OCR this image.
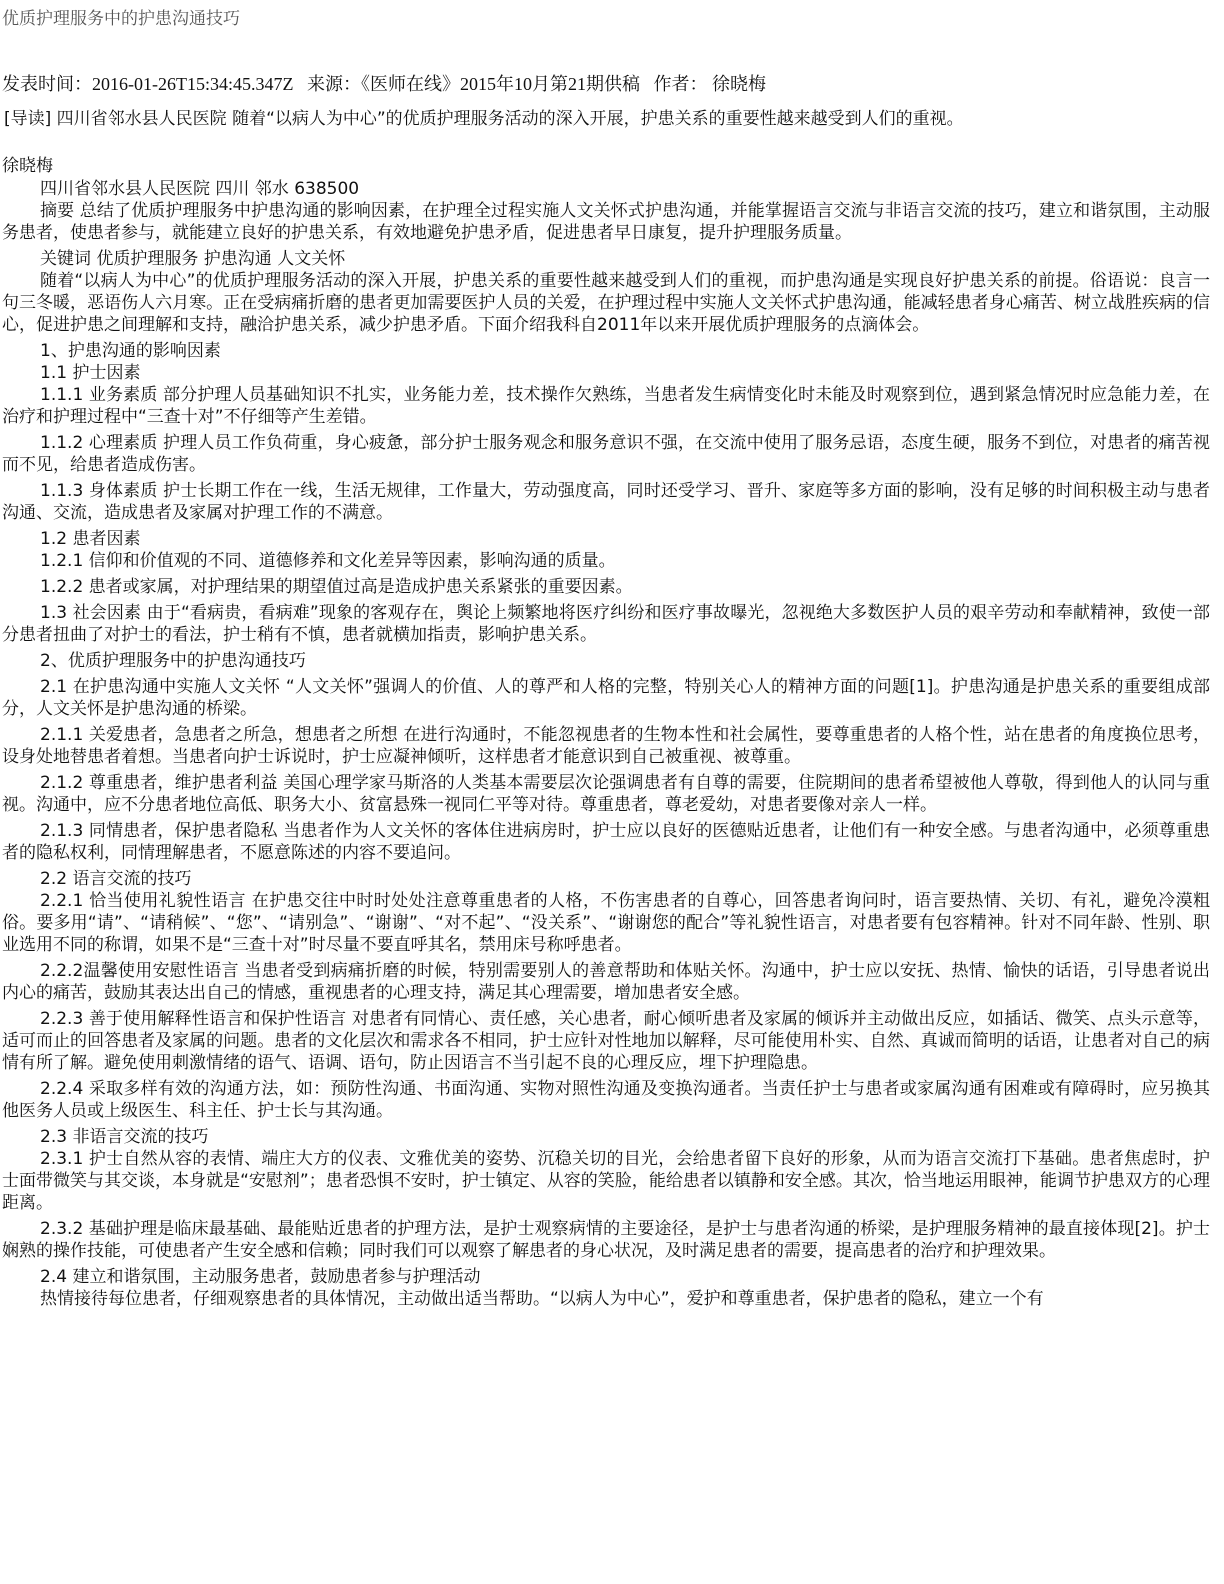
优质护理服务中的护患沟通技巧
发表时间：2016-01-26T15:34:45.347Z 来源：《医师在线》2015年10月第21期供稿 作者： 徐晓梅
[导读] 四川省邻水县人民医院 随着“以病人为中心”的优质护理服务活动的深入开展，护患关系的重要性越来越受到人们的重视。
徐晓梅

四川省邻水县人民医院 四川 邻水 638500

摘要 总结了优质护理服务中护患沟通的影响因素，在护理全过程实施人文关怀式护患沟通，并能掌握语言交流与非语言交流的技巧，建立和谐氛围，主动服务患者，使患者参与，就能建立良好的护患关系，有效地避免护患矛盾，促进患者早日康复，提升护理服务质量。

关键词 优质护理服务 护患沟通 人文关怀

随着“以病人为中心”的优质护理服务活动的深入开展，护患关系的重要性越来越受到人们的重视，而护患沟通是实现良好护患关系的前提。俗语说：良言一句三冬暖，恶语伤人六月寒。正在受病痛折磨的患者更加需要医护人员的关爱，在护理过程中实施人文关怀式护患沟通，能减轻患者身心痛苦、树立战胜疾病的信心，促进护患之间理解和支持，融洽护患关系，减少护患矛盾。下面介绍我科自2011年以来开展优质护理服务的点滴体会。

1、护患沟通的影响因素

1.1 护士因素

1.1.1 业务素质 部分护理人员基础知识不扎实，业务能力差，技术操作欠熟练，当患者发生病情变化时未能及时观察到位，遇到紧急情况时应急能力差，在治疗和护理过程中“三查十对”不仔细等产生差错。

1.1.2 心理素质 护理人员工作负荷重，身心疲惫，部分护士服务观念和服务意识不强，在交流中使用了服务忌语，态度生硬，服务不到位，对患者的痛苦视而不见，给患者造成伤害。

1.1.3 身体素质 护士长期工作在一线，生活无规律，工作量大，劳动强度高，同时还受学习、晋升、家庭等多方面的影响，没有足够的时间积极主动与患者沟通、交流，造成患者及家属对护理工作的不满意。

1.2 患者因素

1.2.1 信仰和价值观的不同、道德修养和文化差异等因素，影响沟通的质量。

1.2.2 患者或家属，对护理结果的期望值过高是造成护患关系紧张的重要因素。

1.3 社会因素 由于“看病贵，看病难”现象的客观存在，舆论上频繁地将医疗纠纷和医疗事故曝光，忽视绝大多数医护人员的艰辛劳动和奉献精神，致使一部分患者扭曲了对护士的看法，护士稍有不慎，患者就横加指责，影响护患关系。

2、优质护理服务中的护患沟通技巧

2.1 在护患沟通中实施人文关怀 “人文关怀”强调人的价值、人的尊严和人格的完整，特别关心人的精神方面的问题[1]。护患沟通是护患关系的重要组成部分，人文关怀是护患沟通的桥梁。

2.1.1 关爱患者，急患者之所急，想患者之所想 在进行沟通时，不能忽视患者的生物本性和社会属性，要尊重患者的人格个性，站在患者的角度换位思考，设身处地替患者着想。当患者向护士诉说时，护士应凝神倾听，这样患者才能意识到自己被重视、被尊重。

2.1.2 尊重患者，维护患者利益 美国心理学家马斯洛的人类基本需要层次论强调患者有自尊的需要，住院期间的患者希望被他人尊敬，得到他人的认同与重视。沟通中，应不分患者地位高低、职务大小、贫富悬殊一视同仁平等对待。尊重患者，尊老爱幼，对患者要像对亲人一样。

2.1.3 同情患者，保护患者隐私 当患者作为人文关怀的客体住进病房时，护士应以良好的医德贴近患者，让他们有一种安全感。与患者沟通中，必须尊重患者的隐私权利，同情理解患者，不愿意陈述的内容不要追问。

2.2 语言交流的技巧

2.2.1 恰当使用礼貌性语言 在护患交往中时时处处注意尊重患者的人格，不伤害患者的自尊心，回答患者询问时，语言要热情、关切、有礼，避免冷漠粗俗。要多用“请”、“请稍候”、“您”、“请别急”、“谢谢”、“对不起”、“没关系”、“谢谢您的配合”等礼貌性语言，对患者要有包容精神。针对不同年龄、性别、职业选用不同的称谓，如果不是“三查十对”时尽量不要直呼其名，禁用床号称呼患者。

2.2.2温馨使用安慰性语言 当患者受到病痛折磨的时候，特别需要别人的善意帮助和体贴关怀。沟通中，护士应以安抚、热情、愉快的话语，引导患者说出内心的痛苦，鼓励其表达出自己的情感，重视患者的心理支持，满足其心理需要，增加患者安全感。

2.2.3 善于使用解释性语言和保护性语言 对患者有同情心、责任感，关心患者，耐心倾听患者及家属的倾诉并主动做出反应，如插话、微笑、点头示意等，适可而止的回答患者及家属的问题。患者的文化层次和需求各不相同，护士应针对性地加以解释，尽可能使用朴实、自然、真诚而简明的话语，让患者对自己的病情有所了解。避免使用刺激情绪的语气、语调、语句，防止因语言不当引起不良的心理反应，埋下护理隐患。

2.2.4 采取多样有效的沟通方法，如：预防性沟通、书面沟通、实物对照性沟通及变换沟通者。当责任护士与患者或家属沟通有困难或有障碍时，应另换其他医务人员或上级医生、科主任、护士长与其沟通。

2.3 非语言交流的技巧

2.3.1 护士自然从容的表情、端庄大方的仪表、文雅优美的姿势、沉稳关切的目光，会给患者留下良好的形象，从而为语言交流打下基础。患者焦虑时，护士面带微笑与其交谈，本身就是“安慰剂”；患者恐惧不安时，护士镇定、从容的笑脸，能给患者以镇静和安全感。其次，恰当地运用眼神，能调节护患双方的心理距离。

2.3.2 基础护理是临床最基础、最能贴近患者的护理方法，是护士观察病情的主要途径，是护士与患者沟通的桥梁，是护理服务精神的最直接体现[2]。护士娴熟的操作技能，可使患者产生安全感和信赖；同时我们可以观察了解患者的身心状况，及时满足患者的需要，提高患者的治疗和护理效果。

2.4 建立和谐氛围，主动服务患者，鼓励患者参与护理活动

热情接待每位患者，仔细观察患者的具体情况，主动做出适当帮助。“以病人为中心”，爱护和尊重患者，保护患者的隐私，建立一个有
